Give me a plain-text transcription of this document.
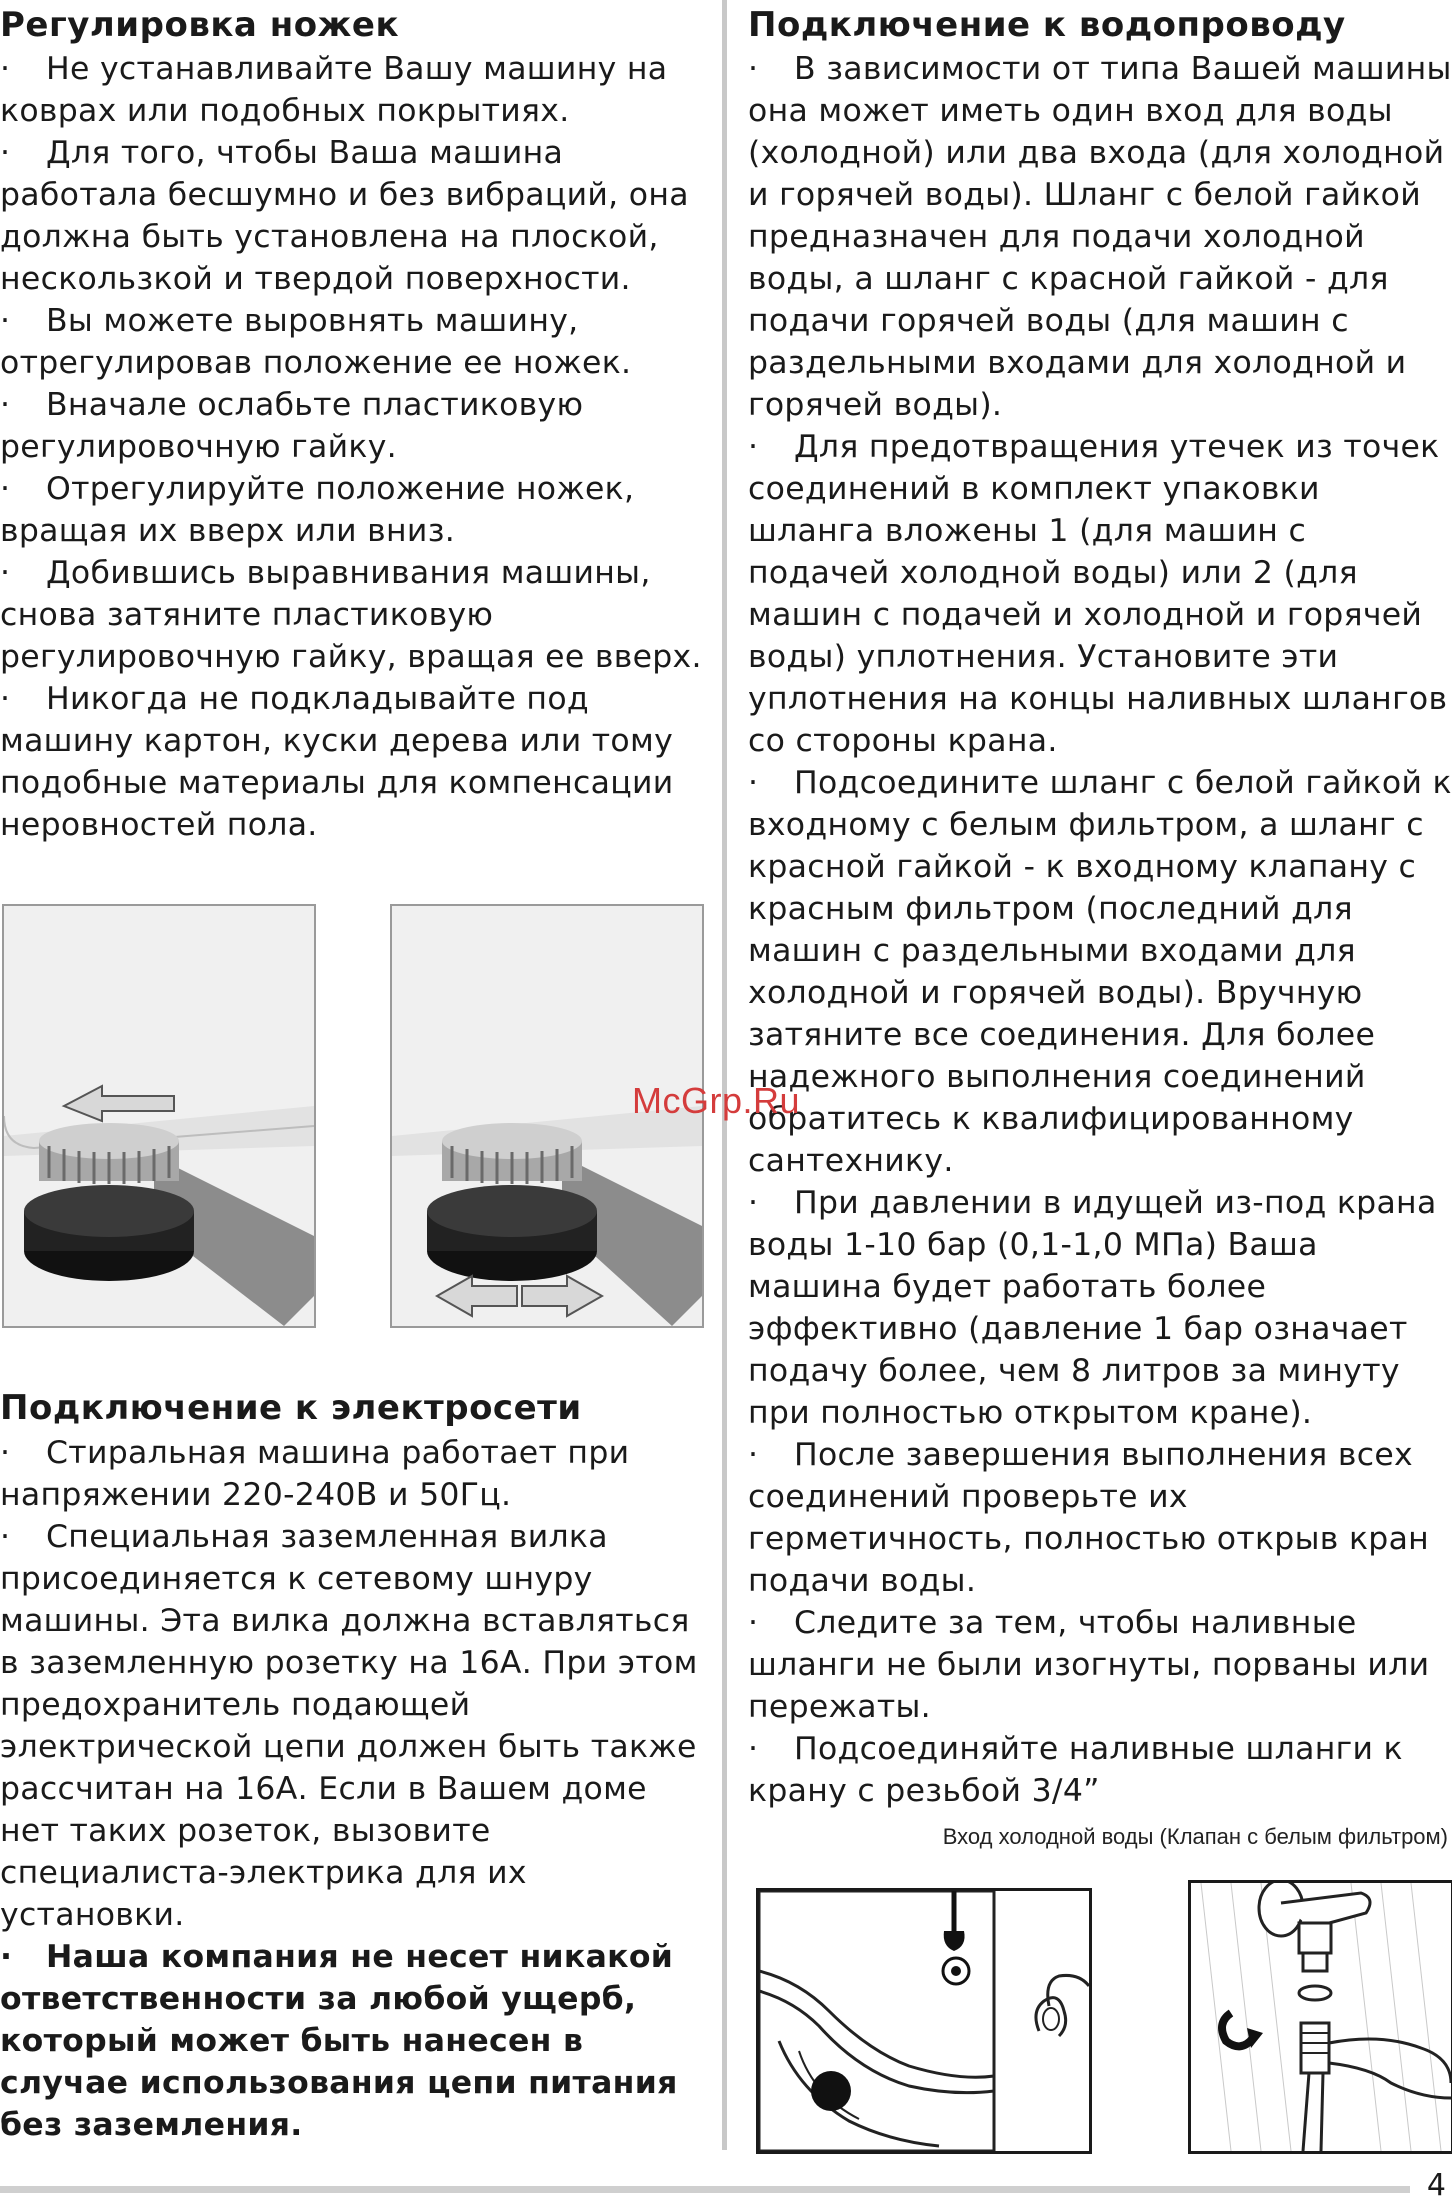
Регулировка ножек

· Не устанавливайте Вашу машину на коврах или подобных покрытиях.

· Для того, чтобы Ваша машина работала бесшумно и без вибраций, она должна быть установлена на плоской, нескользкой и твердой поверхности.

· Вы можете выровнять машину, отрегулировав положение ее ножек.

· Вначале ослабьте пластиковую регулировочную гайку.

· Отрегулируйте положение ножек, вращая их вверх или вниз.

· Добившись выравнивания машины, снова затяните пластиковую регулировочную гайку, вращая ее вверх.

· Никогда не подкладывайте под машину картон, куски дерева или тому подобные материалы для компенсации неровностей пола.

Подключение к электросети

· Стиральная машина работает при напряжении 220-240В и 50Гц.

· Специальная заземленная вилка присоединяется к сетевому шнуру машины. Эта вилка должна вставляться в заземленную розетку на 16А. При этом предохранитель подающей электрической цепи должен быть также рассчитан на 16А. Если в Вашем доме нет таких розеток, вызовите специалиста-электрика для их установки.

· Наша компания не несет никакой ответственности за любой ущерб, который может быть нанесен в случае использования цепи питания без заземления.

Подключение к водопроводу

· В зависимости от типа Вашей машины она может иметь один вход для воды (холодной) или два входа (для холодной и горячей воды). Шланг с белой гайкой предназначен для подачи холодной воды, а шланг с красной гайкой - для подачи горячей воды (для машин с раздельными входами для холодной и горячей воды).

· Для предотвращения утечек из точек соединений в комплект упаковки шланга вложены 1 (для машин с подачей холодной воды) или 2 (для машин с подачей и холодной и горячей воды) уплотнения. Установите эти уплотнения на концы наливных шлангов со стороны крана.

· Подсоедините шланг с белой гайкой к входному с белым фильтром, а шланг с красной гайкой - к входному клапану с красным фильтром (последний для машин с раздельными входами для холодной и горячей воды). Вручную затяните все соединения. Для более надежного выполнения соединений обратитесь к квалифицированному сантехнику.

· При давлении в идущей из-под крана воды 1-10 бар (0,1-1,0 МПа) Ваша машина будет работать более эффективно (давление 1 бар означает подачу более, чем 8 литров за минуту при полностью открытом кране).

· После завершения выполнения всех соединений проверьте их герметичность, полностью открыв кран подачи воды.

· Следите за тем, чтобы наливные шланги не были изогнуты, порваны или пережаты.

· Подсоединяйте наливные шланги к крану с резьбой 3/4”

Вход холодной воды (Клапан с белым фильтром)
McGrp.Ru
4
